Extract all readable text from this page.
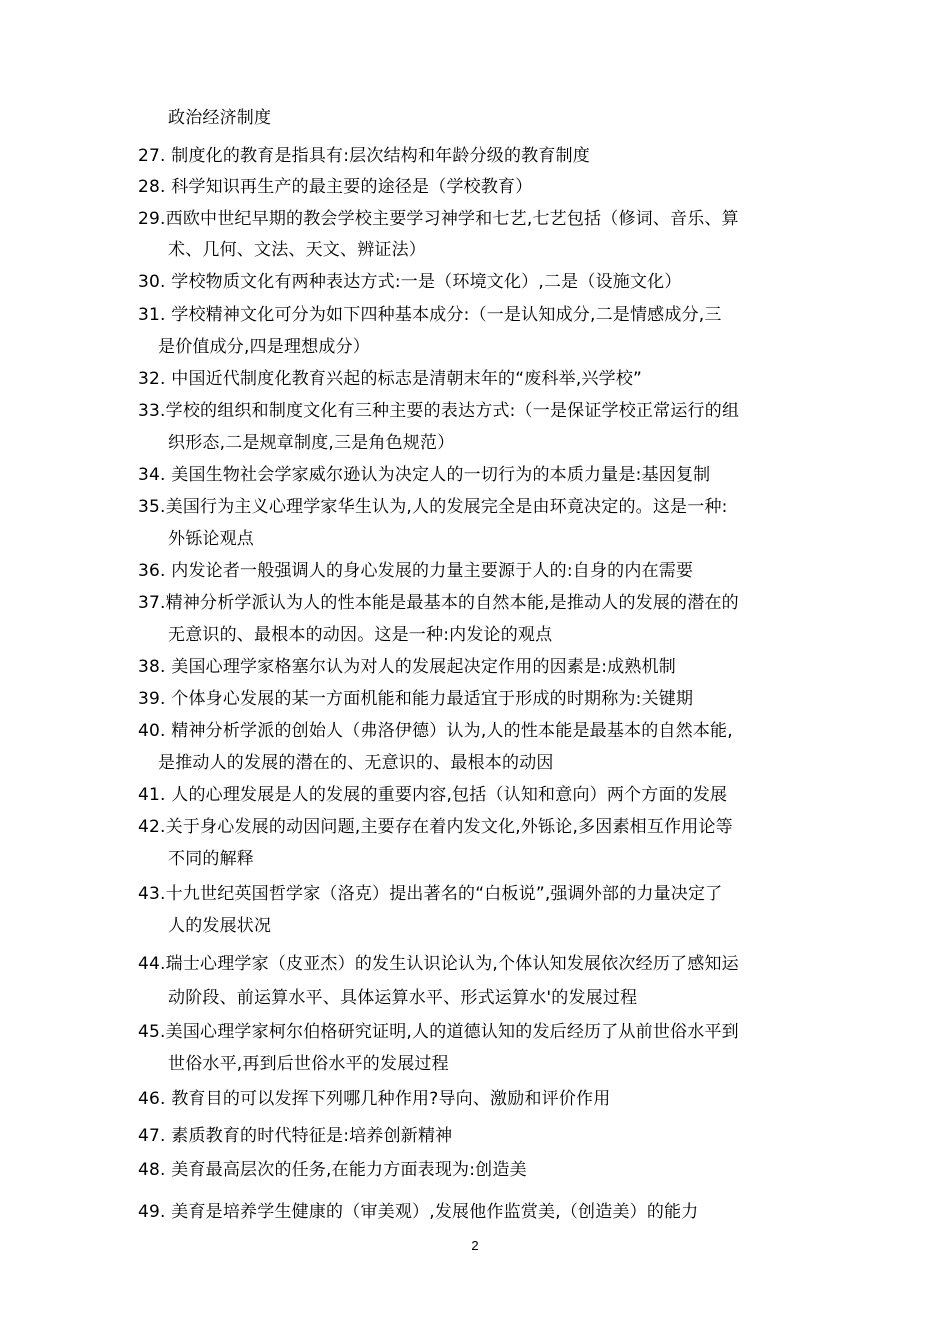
政治经济制度
27. 制度化的教育是指具有:层次结构和年龄分级的教育制度
28. 科学知识再生产的最主要的途径是（学校教育）
29.西欧中世纪早期的教会学校主要学习神学和七艺,七艺包括（修词、音乐、算
术、几何、文法、天文、辨证法）
30. 学校物质文化有两种表达方式:一是（环境文化）,二是（设施文化）
31. 学校精神文化可分为如下四种基本成分:（一是认知成分,二是情感成分,三
是价值成分,四是理想成分）
32. 中国近代制度化教育兴起的标志是清朝末年的“废科举,兴学校”
33.学校的组织和制度文化有三种主要的表达方式:（一是保证学校正常运行的组
织形态,二是规章制度,三是角色规范）
34. 美国生物社会学家威尔逊认为决定人的一切行为的本质力量是:基因复制
35.美国行为主义心理学家华生认为,人的发展完全是由环竟决定的。这是一种:
外铄论观点
36. 内发论者一般强调人的身心发展的力量主要源于人的:自身的内在需要
37.精神分析学派认为人的性本能是最基本的自然本能,是推动人的发展的潜在的
无意识的、最根本的动因。这是一种:内发论的观点
38. 美国心理学家格塞尔认为对人的发展起决定作用的因素是:成熟机制
39. 个体身心发展的某一方面机能和能力最适宜于形成的时期称为:关键期
40. 精神分析学派的创始人（弗洛伊德）认为,人的性本能是最基本的自然本能,
是推动人的发展的潜在的、无意识的、最根本的动因
41. 人的心理发展是人的发展的重要内容,包括（认知和意向）两个方面的发展
42.关于身心发展的动因问题,主要存在着内发文化,外铄论,多因素相互作用论等
不同的解释
43.十九世纪英国哲学家（洛克）提出著名的“白板说”,强调外部的力量决定了
人的发展状况
44.瑞士心理学家（皮亚杰）的发生认识论认为,个体认知发展依次经历了感知运
动阶段、前运算水平、具体运算水平、形式运算水'的发展过程
45.美国心理学家柯尔伯格研究证明,人的道德认知的发后经历了从前世俗水平到
世俗水平,再到后世俗水平的发展过程
46. 教育目的可以发挥下列哪几种作用?导向、激励和评价作用
47. 素质教育的时代特征是:培养创新精神
48. 美育最高层次的任务,在能力方面表现为:创造美
49. 美育是培养学生健康的（审美观）,发展他作监赏美,（创造美）的能力
2
